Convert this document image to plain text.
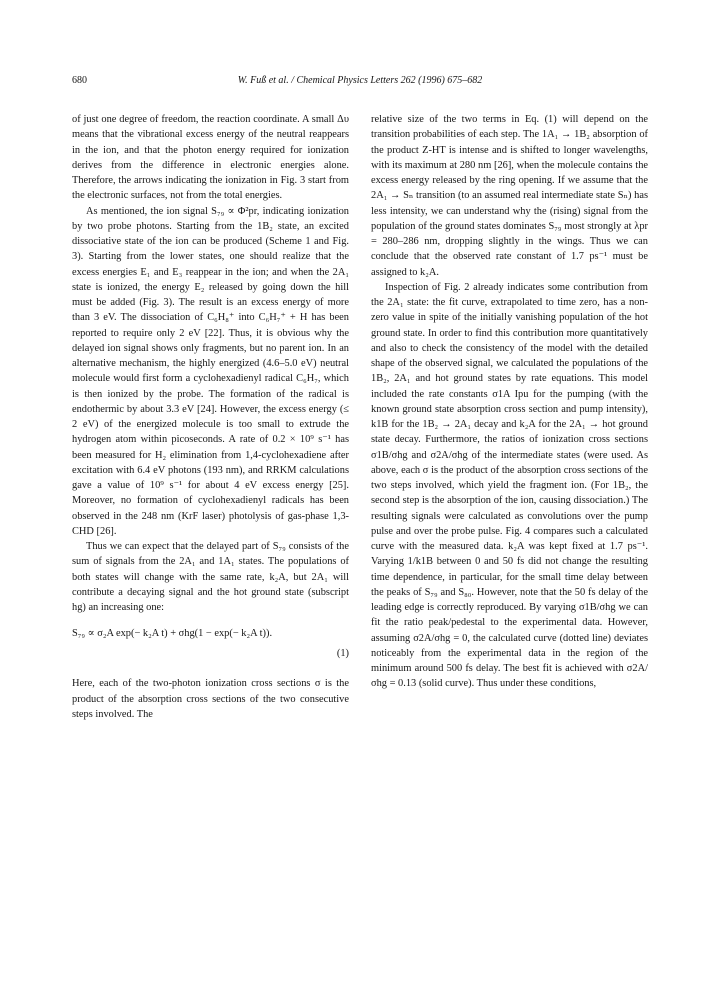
680	W. Fuß et al. / Chemical Physics Letters 262 (1996) 675–682

of just one degree of freedom, the reaction coordinate. A small Δυ means that the vibrational excess energy of the neutral reappears in the ion, and that the photon energy required for ionization derives from the difference in electronic energies alone. Therefore, the arrows indicating the ionization in Fig. 3 start from the electronic surfaces, not from the total energies.

As mentioned, the ion signal S₇₉ ∝ Φ²pr, indicating ionization by two probe photons. Starting from the 1B₂ state, an excited dissociative state of the ion can be produced (Scheme 1 and Fig. 3). Starting from the lower states, one should realize that the excess energies E₁ and E₃ reappear in the ion; and when the 2A₁ state is ionized, the energy E₂ released by going down the hill must be added (Fig. 3). The result is an excess energy of more than 3 eV. The dissociation of C₆H₈⁺ into C₆H₇⁺ + H has been reported to require only 2 eV [22]. Thus, it is obvious why the delayed ion signal shows only fragments, but no parent ion. In an alternative mechanism, the highly energized (4.6–5.0 eV) neutral molecule would first form a cyclohexadienyl radical C₆H₇, which is then ionized by the probe. The formation of the radical is endothermic by about 3.3 eV [24]. However, the excess energy (≤ 2 eV) of the energized molecule is too small to extrude the hydrogen atom within picoseconds. A rate of 0.2 × 10⁹ s⁻¹ has been measured for H₂ elimination from 1,4-cyclohexadiene after excitation with 6.4 eV photons (193 nm), and RRKM calculations gave a value of 10⁹ s⁻¹ for about 4 eV excess energy [25]. Moreover, no formation of cyclohexadienyl radicals has been observed in the 248 nm (KrF laser) photolysis of gas-phase 1,3-CHD [26].

Thus we can expect that the delayed part of S₇₉ consists of the sum of signals from the 2A₁ and 1A₁ states. The populations of both states will change with the same rate, k₂A, but 2A₁ will contribute a decaying signal and the hot ground state (subscript hg) an increasing one:

S₇₉ ∝ σ₂A exp(− k₂A t) + σhg(1 − exp(− k₂A t)).
(1)

Here, each of the two-photon ionization cross sections σ is the product of the absorption cross sections of the two consecutive steps involved. The

relative size of the two terms in Eq. (1) will depend on the transition probabilities of each step. The 1A₁ → 1B₂ absorption of the product Z-HT is intense and is shifted to longer wavelengths, with its maximum at 280 nm [26], when the molecule contains the excess energy released by the ring opening. If we assume that the 2A₁ → Sₙ transition (to an assumed real intermediate state Sₙ) has less intensity, we can understand why the (rising) signal from the population of the ground states dominates S₇₉ most strongly at λpr = 280–286 nm, dropping slightly in the wings. Thus we can conclude that the observed rate constant of 1.7 ps⁻¹ must be assigned to k₂A.

Inspection of Fig. 2 already indicates some contribution from the 2A₁ state: the fit curve, extrapolated to time zero, has a non-zero value in spite of the initially vanishing population of the hot ground state. In order to find this contribution more quantitatively and also to check the consistency of the model with the detailed shape of the observed signal, we calculated the populations of the 1B₂, 2A₁ and hot ground states by rate equations. This model included the rate constants σ1A Ipu for the pumping (with the known ground state absorption cross section and pump intensity), k1B for the 1B₂ → 2A₁ decay and k₂A for the 2A₁ → hot ground state decay. Furthermore, the ratios of ionization cross sections σ1B/σhg and σ2A/σhg of the intermediate states (were used. As above, each σ is the product of the absorption cross sections of the two steps involved, which yield the fragment ion. (For 1B₂, the second step is the absorption of the ion, causing dissociation.) The resulting signals were calculated as convolutions over the pump pulse and over the probe pulse. Fig. 4 compares such a calculated curve with the measured data. k₂A was kept fixed at 1.7 ps⁻¹. Varying 1/k1B between 0 and 50 fs did not change the resulting time dependence, in particular, for the small time delay between the peaks of S₇₉ and S₈₀. However, note that the 50 fs delay of the leading edge is correctly reproduced. By varying σ1B/σhg we can fit the ratio peak/pedestal to the experimental data. However, assuming σ2A/σhg = 0, the calculated curve (dotted line) deviates noticeably from the experimental data in the region of the minimum around 500 fs delay. The best fit is achieved with σ2A/σhg = 0.13 (solid curve). Thus under these conditions,
